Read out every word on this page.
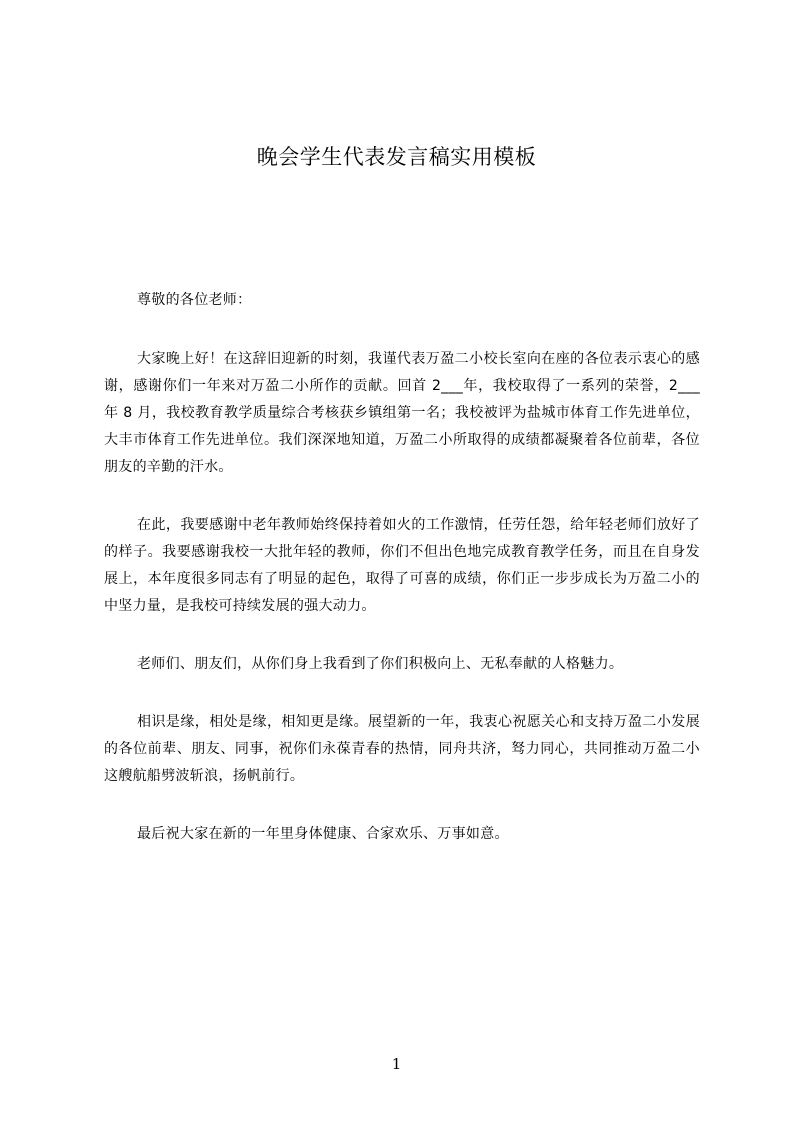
晚会学生代表发言稿实用模板

尊敬的各位老师：

大家晚上好！在这辞旧迎新的时刻，我谨代表万盈二小校长室向在座的各位表示衷心的感谢，感谢你们一年来对万盈二小所作的贡献。回首 2___年，我校取得了一系列的荣誉，2___年 8 月，我校教育教学质量综合考核获乡镇组第一名；我校被评为盐城市体育工作先进单位，大丰市体育工作先进单位。我们深深地知道，万盈二小所取得的成绩都凝聚着各位前辈，各位朋友的辛勤的汗水。

在此，我要感谢中老年教师始终保持着如火的工作激情，任劳任怨，给年轻老师们放好了的样子。我要感谢我校一大批年轻的教师，你们不但出色地完成教育教学任务，而且在自身发展上，本年度很多同志有了明显的起色，取得了可喜的成绩，你们正一步步成长为万盈二小的中坚力量，是我校可持续发展的强大动力。

老师们、朋友们，从你们身上我看到了你们积极向上、无私奉献的人格魅力。

相识是缘，相处是缘，相知更是缘。展望新的一年，我衷心祝愿关心和支持万盈二小发展的各位前辈、朋友、同事，祝你们永葆青春的热情，同舟共济，驽力同心，共同推动万盈二小这艘航船劈波斩浪，扬帆前行。

最后祝大家在新的一年里身体健康、合家欢乐、万事如意。

1
